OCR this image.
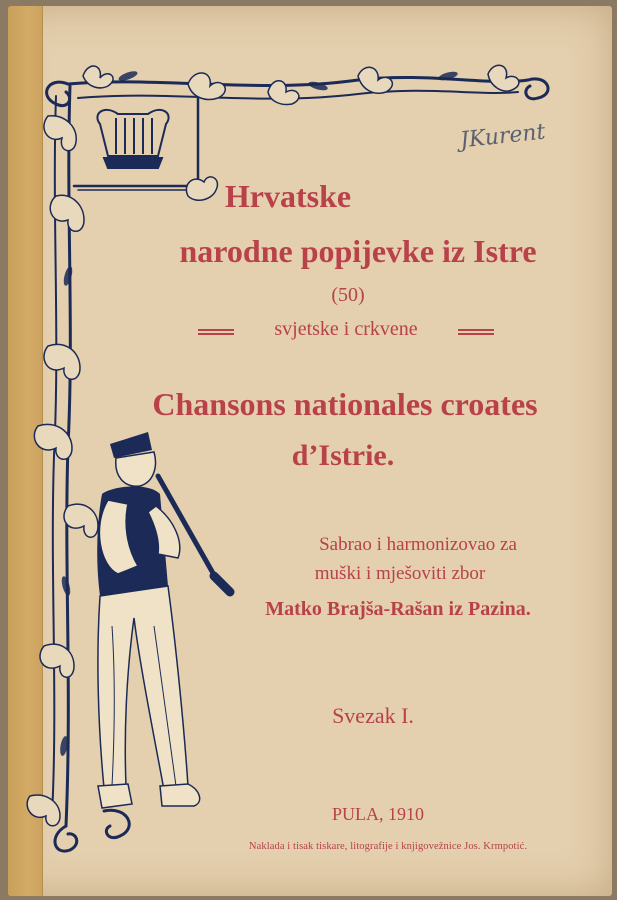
JKurent
Hrvatske
narodne popijevke iz Istre

(50)

svjetske i crkvene
Chansons nationales croates
d’Istrie.

Sabrao i harmonizovao za

muški i mješoviti zbor

Matko Brajša-Rašan iz Pazina.

Svezak I.

PULA, 1910

Naklada i tisak tiskare, litografije i knjigovežnice Jos. Krmpotić.
